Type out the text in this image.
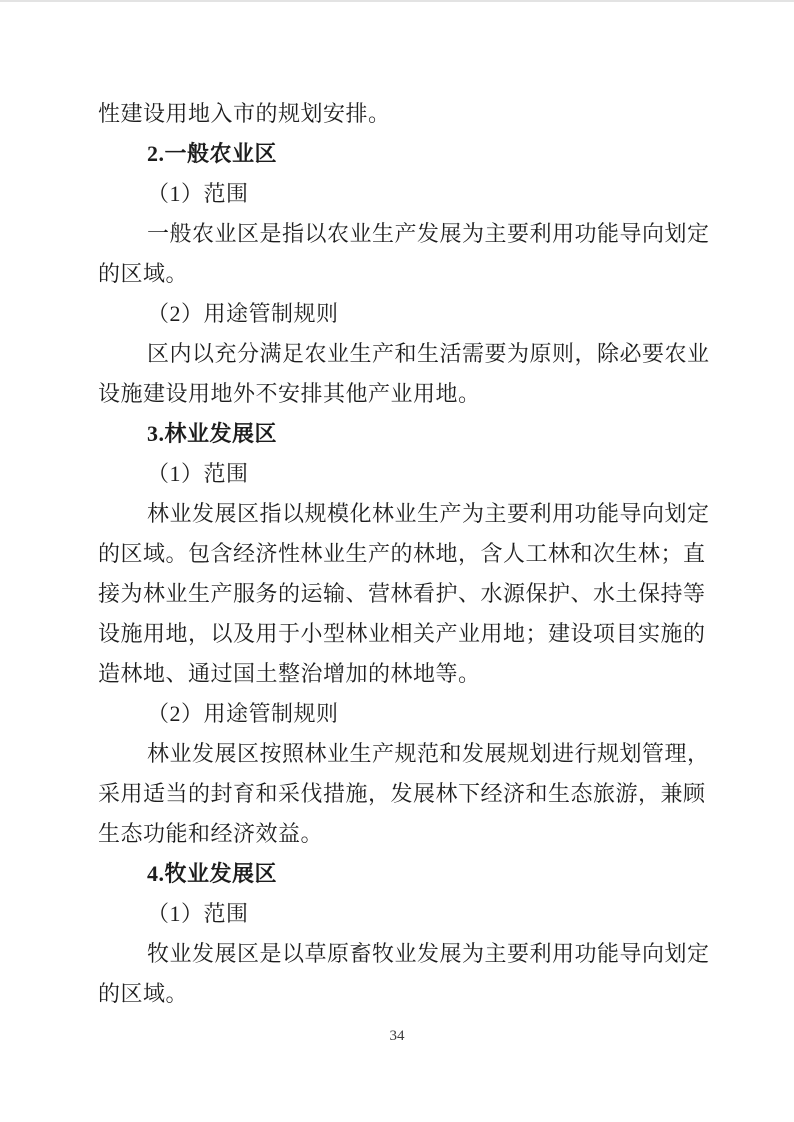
性建设用地入市的规划安排。
2.一般农业区
（1）范围
一般农业区是指以农业生产发展为主要利用功能导向划定
的区域。
（2）用途管制规则
区内以充分满足农业生产和生活需要为原则，除必要农业
设施建设用地外不安排其他产业用地。
3.林业发展区
（1）范围
林业发展区指以规模化林业生产为主要利用功能导向划定
的区域。包含经济性林业生产的林地，含人工林和次生林；直
接为林业生产服务的运输、营林看护、水源保护、水土保持等
设施用地，以及用于小型林业相关产业用地；建设项目实施的
造林地、通过国土整治增加的林地等。
（2）用途管制规则
林业发展区按照林业生产规范和发展规划进行规划管理，
采用适当的封育和采伐措施，发展林下经济和生态旅游，兼顾
生态功能和经济效益。
4.牧业发展区
（1）范围
牧业发展区是以草原畜牧业发展为主要利用功能导向划定
的区域。
34
